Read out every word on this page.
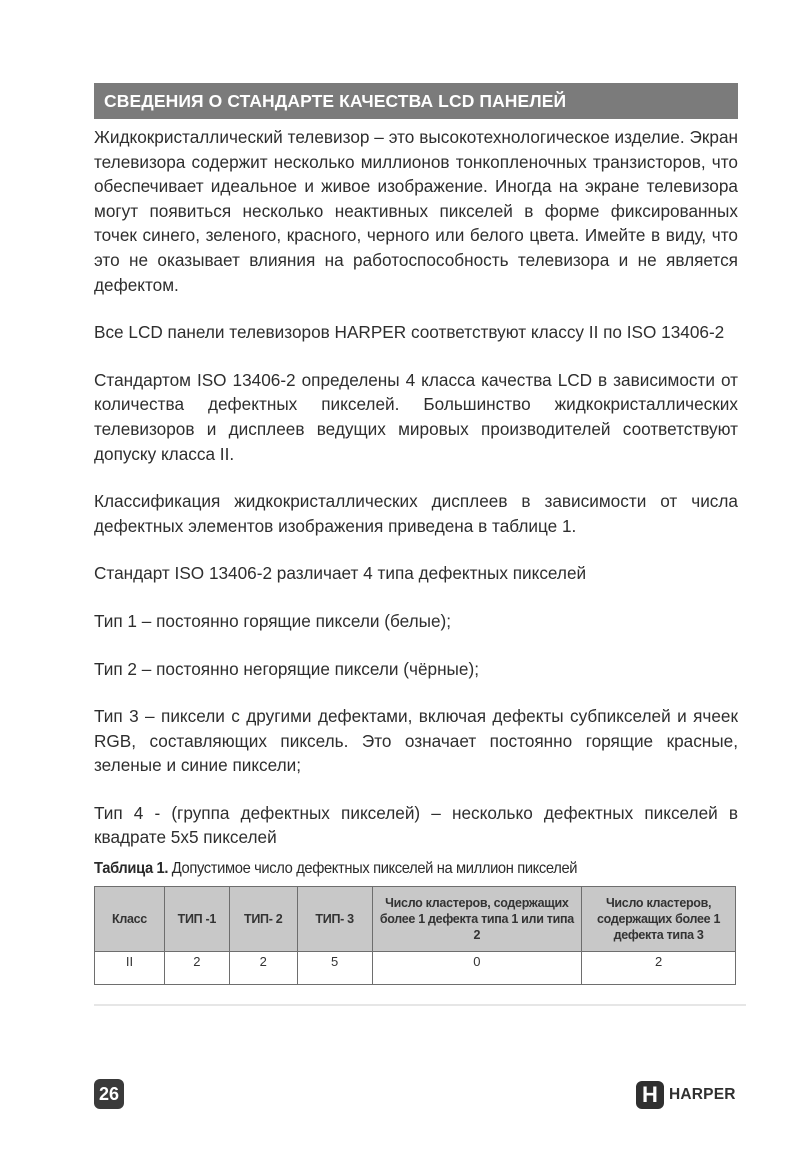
СВЕДЕНИЯ О СТАНДАРТЕ КАЧЕСТВА LCD ПАНЕЛЕЙ

Жидкокристаллический телевизор – это высокотехнологическое изделие. Экран телевизора содержит несколько миллионов тонкопленочных транзисторов, что обеспечивает идеальное и живое изображение. Иногда на экране телевизора могут появиться несколько неактивных пикселей в форме фиксированных точек синего, зеленого, красного, черного или белого цвета. Имейте в виду, что это не оказывает влияния на работоспособность телевизора и не является дефектом.

Все LCD панели телевизоров HARPER соответствуют классу II по ISO 13406-2

Стандартом ISO 13406-2 определены 4 класса качества LCD в зависимости от количества дефектных пикселей. Большинство жидкокристаллических телевизоров и дисплеев ведущих мировых производителей соответствуют допуску класса II.

Классификация жидкокристаллических дисплеев в зависимости от числа дефектных элементов изображения приведена в таблице 1.

Стандарт ISO 13406-2 различает 4 типа дефектных пикселей

Тип 1 – постоянно горящие пиксели (белые);

Тип 2 – постоянно негорящие пиксели (чёрные);

Тип 3 – пиксели с другими дефектами, включая дефекты субпикселей и ячеек RGB, составляющих пиксель. Это означает постоянно горящие красные, зеленые и синие пиксели;

Тип 4 - (группа дефектных пикселей) – несколько дефектных пикселей в квадрате 5x5 пикселей

Таблица 1. Допустимое число дефектных пикселей на миллион пикселей
Класс	ТИП -1	ТИП- 2	ТИП- 3	Число кластеров, содержащих более 1 дефекта типа 1 или типа 2	Число кластеров, содержащих более 1 дефекта типа 3
II	2	2	5	0	2
26	H HARPER
